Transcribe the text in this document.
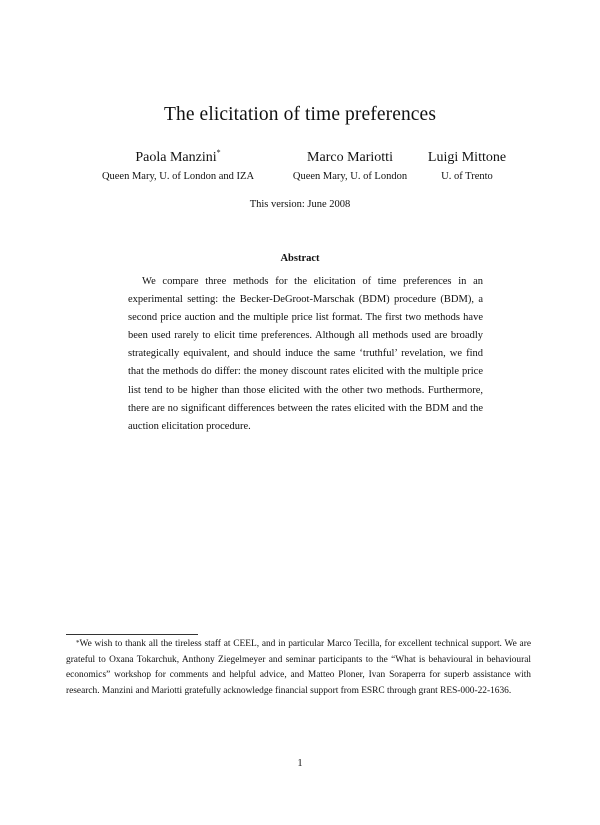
The elicitation of time preferences
Paola Manzini*
Queen Mary, U. of London and IZA
Marco Mariotti
Queen Mary, U. of London
Luigi Mittone
U. of Trento
This version: June 2008
Abstract
We compare three methods for the elicitation of time preferences in an experimental setting: the Becker-DeGroot-Marschak (BDM) procedure (BDM), a second price auction and the multiple price list format. The first two methods have been used rarely to elicit time preferences. Although all methods used are broadly strategically equivalent, and should induce the same ‘truthful’ revelation, we find that the methods do differ: the money discount rates elicited with the multiple price list tend to be higher than those elicited with the other two methods. Furthermore, there are no significant differences between the rates elicited with the BDM and the auction elicitation procedure.
*We wish to thank all the tireless staff at CEEL, and in particular Marco Tecilla, for excellent technical support. We are grateful to Oxana Tokarchuk, Anthony Ziegelmeyer and seminar participants to the “What is behavioural in behavioural economics” workshop for comments and helpful advice, and Matteo Ploner, Ivan Soraperra for superb assistance with research. Manzini and Mariotti gratefully acknowledge financial support from ESRC through grant RES-000-22-1636.
1
